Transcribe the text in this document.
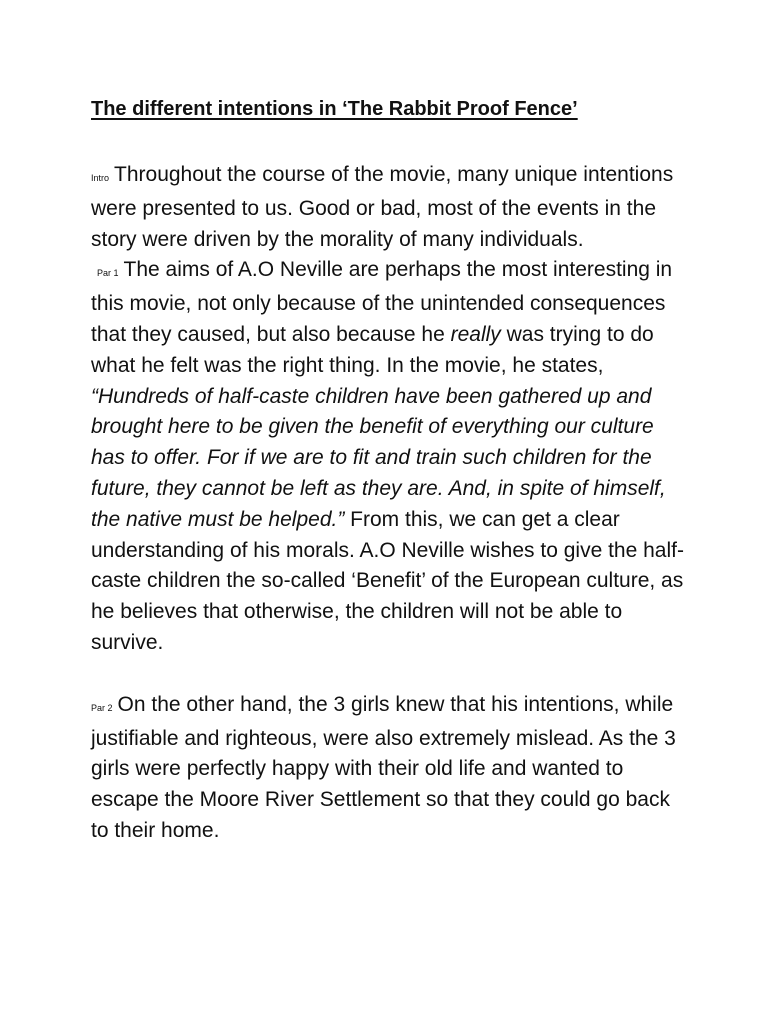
The different intentions in ‘The Rabbit Proof Fence’

Intro Throughout the course of the movie, many unique intentions were presented to us. Good or bad, most of the events in the story were driven by the morality of many individuals.

Par 1 The aims of A.O Neville are perhaps the most interesting in this movie, not only because of the unintended consequences that they caused, but also because he really was trying to do what he felt was the right thing. In the movie, he states, “Hundreds of half-caste children have been gathered up and brought here to be given the benefit of everything our culture has to offer. For if we are to fit and train such children for the future, they cannot be left as they are. And, in spite of himself, the native must be helped.” From this, we can get a clear understanding of his morals. A.O Neville wishes to give the half-caste children the so-called ‘Benefit’ of the European culture, as he believes that otherwise, the children will not be able to survive.

Par 2 On the other hand, the 3 girls knew that his intentions, while justifiable and righteous, were also extremely mislead. As the 3 girls were perfectly happy with their old life and wanted to escape the Moore River Settlement so that they could go back to their home.
